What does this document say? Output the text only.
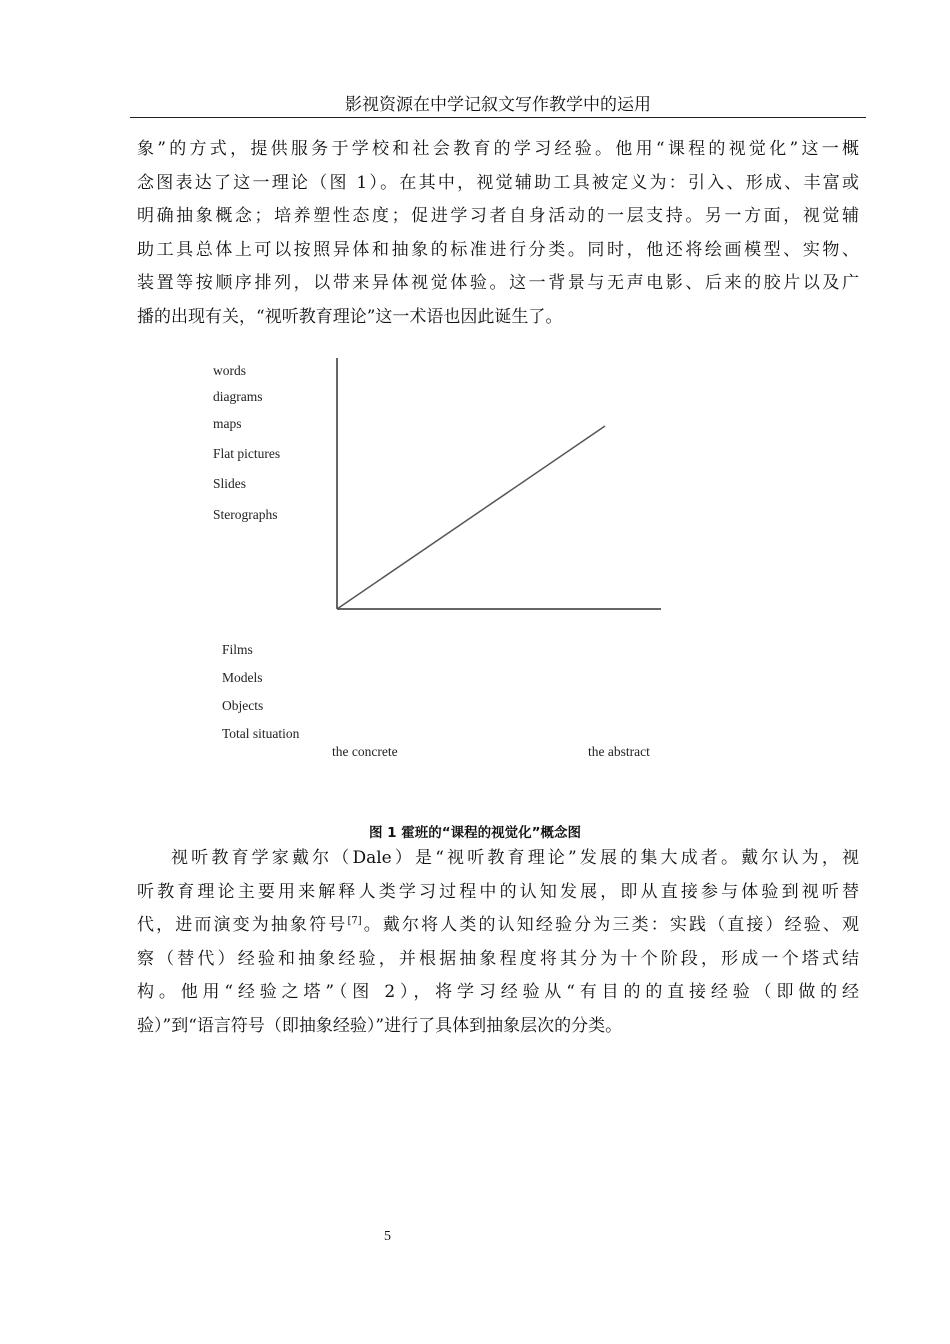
影视资源在中学记叙文写作教学中的运用
象”的方式，提供服务于学校和社会教育的学习经验。他用“课程的视觉化”这一概
念图表达了这一理论（图 1）。在其中，视觉辅助工具被定义为：引入、形成、丰富或
明确抽象概念；培养塑性态度；促进学习者自身活动的一层支持。另一方面，视觉辅
助工具总体上可以按照异体和抽象的标准进行分类。同时，他还将绘画模型、实物、
装置等按顺序排列，以带来异体视觉体验。这一背景与无声电影、后来的胶片以及广
播的出现有关，“视听教育理论”这一术语也因此诞生了。
words
diagrams
maps
Flat pictures
Slides
Sterographs
Films
Models
Objects
Total situation
the concrete	the abstract
图 1 霍班的“课程的视觉化”概念图
视听教育学家戴尔（Dale）是“视听教育理论”发展的集大成者。戴尔认为，视
听教育理论主要用来解释人类学习过程中的认知发展，即从直接参与体验到视听替
代，进而演变为抽象符号[7]。戴尔将人类的认知经验分为三类：实践（直接）经验、观
察（替代）经验和抽象经验，并根据抽象程度将其分为十个阶段，形成一个塔式结
构。他用“经验之塔”（图 2），将学习经验从“有目的的直接经验（即做的经
验）”到“语言符号（即抽象经验）”进行了具体到抽象层次的分类。
5
